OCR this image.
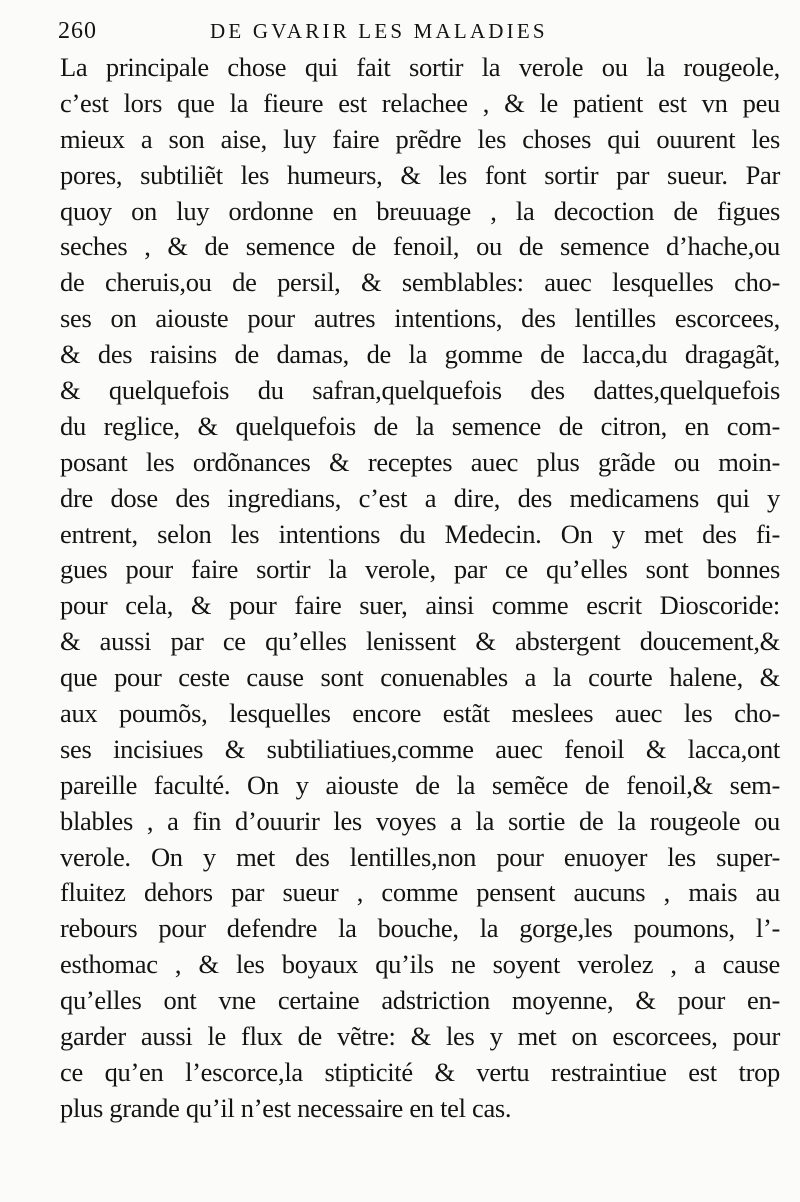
260	DE GVARIR LES MALADIES
La principale chose qui fait sortir la verole ou la rougeole,
c’est lors que la fieure est relachee , & le patient est vn peu
mieux a son aise, luy faire prẽdre les choses qui ouurent les
pores, subtiliẽt les humeurs, & les font sortir par sueur. Par
quoy on luy ordonne en breuuage , la decoction de figues
seches , & de semence de fenoil, ou de semence d’hache,ou
de cheruis,ou de persil, & semblables: auec lesquelles cho-
ses on aiouste pour autres intentions, des lentilles escorcees,
& des raisins de damas, de la gomme de lacca,du dragagãt,
& quelquefois du safran,quelquefois des dattes,quelquefois
du reglice, & quelquefois de la semence de citron, en com-
posant les ordõnances & receptes auec plus grãde ou moin-
dre dose des ingredians, c’est a dire, des medicamens qui y
entrent, selon les intentions du Medecin. On y met des fi-
gues pour faire sortir la verole, par ce qu’elles sont bonnes
pour cela, & pour faire suer, ainsi comme escrit Dioscoride:
& aussi par ce qu’elles lenissent & abstergent doucement,&
que pour ceste cause sont conuenables a la courte halene, &
aux poumõs, lesquelles encore estãt meslees auec les cho-
ses incisiues & subtiliatiues,comme auec fenoil & lacca,ont
pareille faculté. On y aiouste de la semẽce de fenoil,& sem-
blables , a fin d’ouurir les voyes a la sortie de la rougeole ou
verole. On y met des lentilles,non pour enuoyer les super-
fluitez dehors par sueur , comme pensent aucuns , mais au
rebours pour defendre la bouche, la gorge,les poumons, l’-
esthomac , & les boyaux qu’ils ne soyent verolez , a cause
qu’elles ont vne certaine adstriction moyenne, & pour en-
garder aussi le flux de vẽtre: & les y met on escorcees, pour
ce qu’en l’escorce,la stipticité & vertu restraintiue est trop
plus grande qu’il n’est necessaire en tel cas.
